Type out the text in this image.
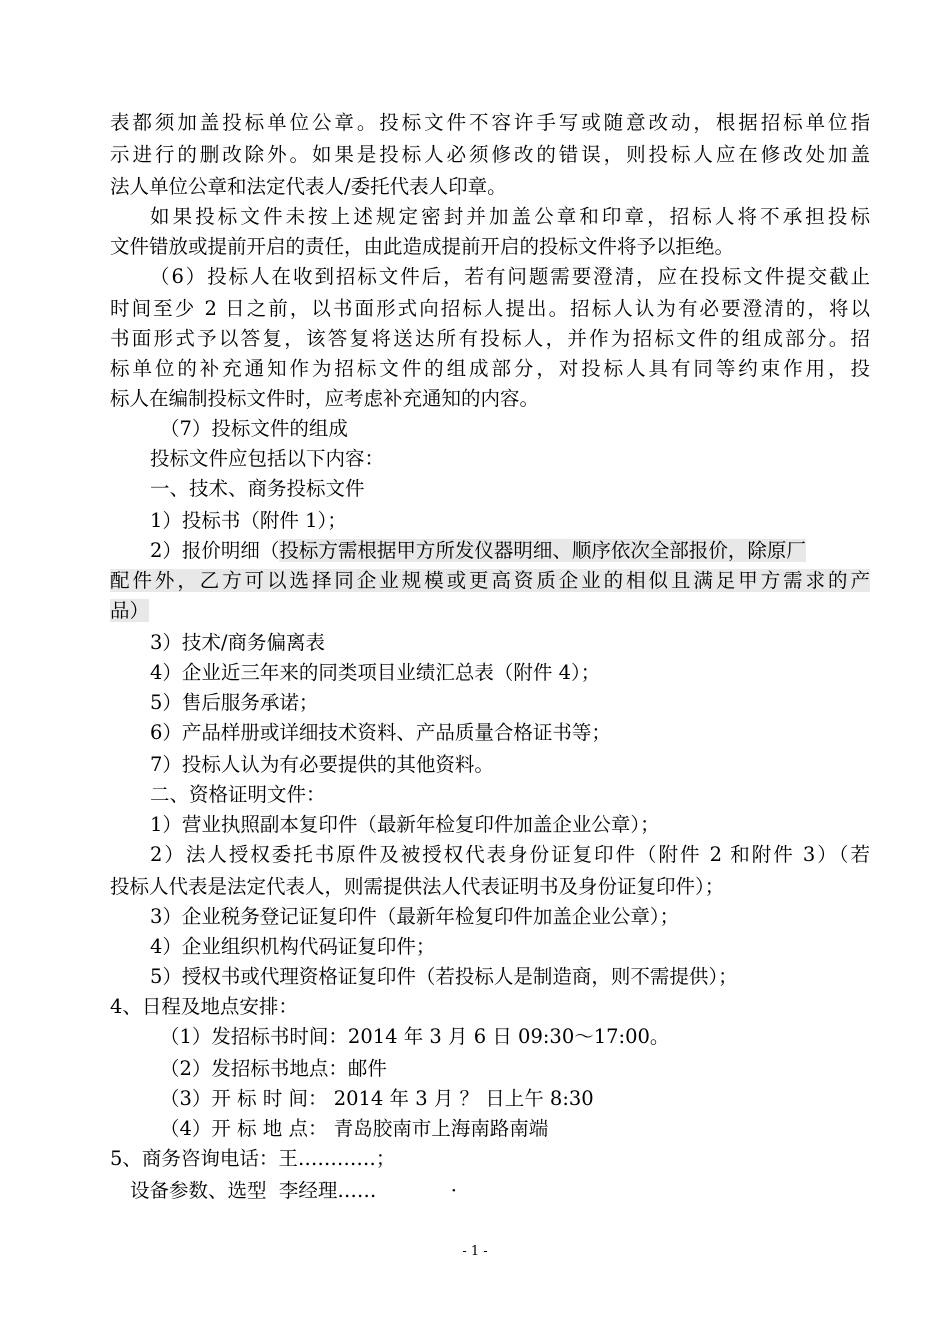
表都须加盖投标单位公章。投标文件不容许手写或随意改动，根据招标单位指
示进行的删改除外。如果是投标人必须修改的错误，则投标人应在修改处加盖
法人单位公章和法定代表人/委托代表人印章。
如果投标文件未按上述规定密封并加盖公章和印章，招标人将不承担投标
文件错放或提前开启的责任，由此造成提前开启的投标文件将予以拒绝。
（6）投标人在收到招标文件后，若有问题需要澄清，应在投标文件提交截止
时间至少 2 日之前，以书面形式向招标人提出。招标人认为有必要澄清的，将以
书面形式予以答复，该答复将送达所有投标人，并作为招标文件的组成部分。招
标单位的补充通知作为招标文件的组成部分，对投标人具有同等约束作用，投
标人在编制投标文件时，应考虑补充通知的内容。
（7）投标文件的组成
投标文件应包括以下内容：
一、技术、商务投标文件
1）投标书（附件 1）；
2）报价明细（投标方需根据甲方所发仪器明细、顺序依次全部报价，除原厂
配件外，乙方可以选择同企业规模或更高资质企业的相似且满足甲方需求的产
品）
3）技术/商务偏离表
4）企业近三年来的同类项目业绩汇总表（附件 4）；
5）售后服务承诺；
6）产品样册或详细技术资料、产品质量合格证书等；
7）投标人认为有必要提供的其他资料。
二、资格证明文件：
1）营业执照副本复印件（最新年检复印件加盖企业公章）；
2）法人授权委托书原件及被授权代表身份证复印件（附件 2 和附件 3）（若
投标人代表是法定代表人，则需提供法人代表证明书及身份证复印件）；
3）企业税务登记证复印件（最新年检复印件加盖企业公章）；
4）企业组织机构代码证复印件；
5）授权书或代理资格证复印件（若投标人是制造商，则不需提供）；
4、日程及地点安排：
（1）发招标书时间：2014 年 3 月 6 日 09:30～17:00。
（2）发招标书地点：邮件
（3）开 标 时 间： 2014 年 3 月 ？ 日上午 8:30
（4）开 标 地 点： 青岛胶南市上海南路南端
5、商务咨询电话：王…………；
设备参数、选型  李经理……            ·
- 1 -
